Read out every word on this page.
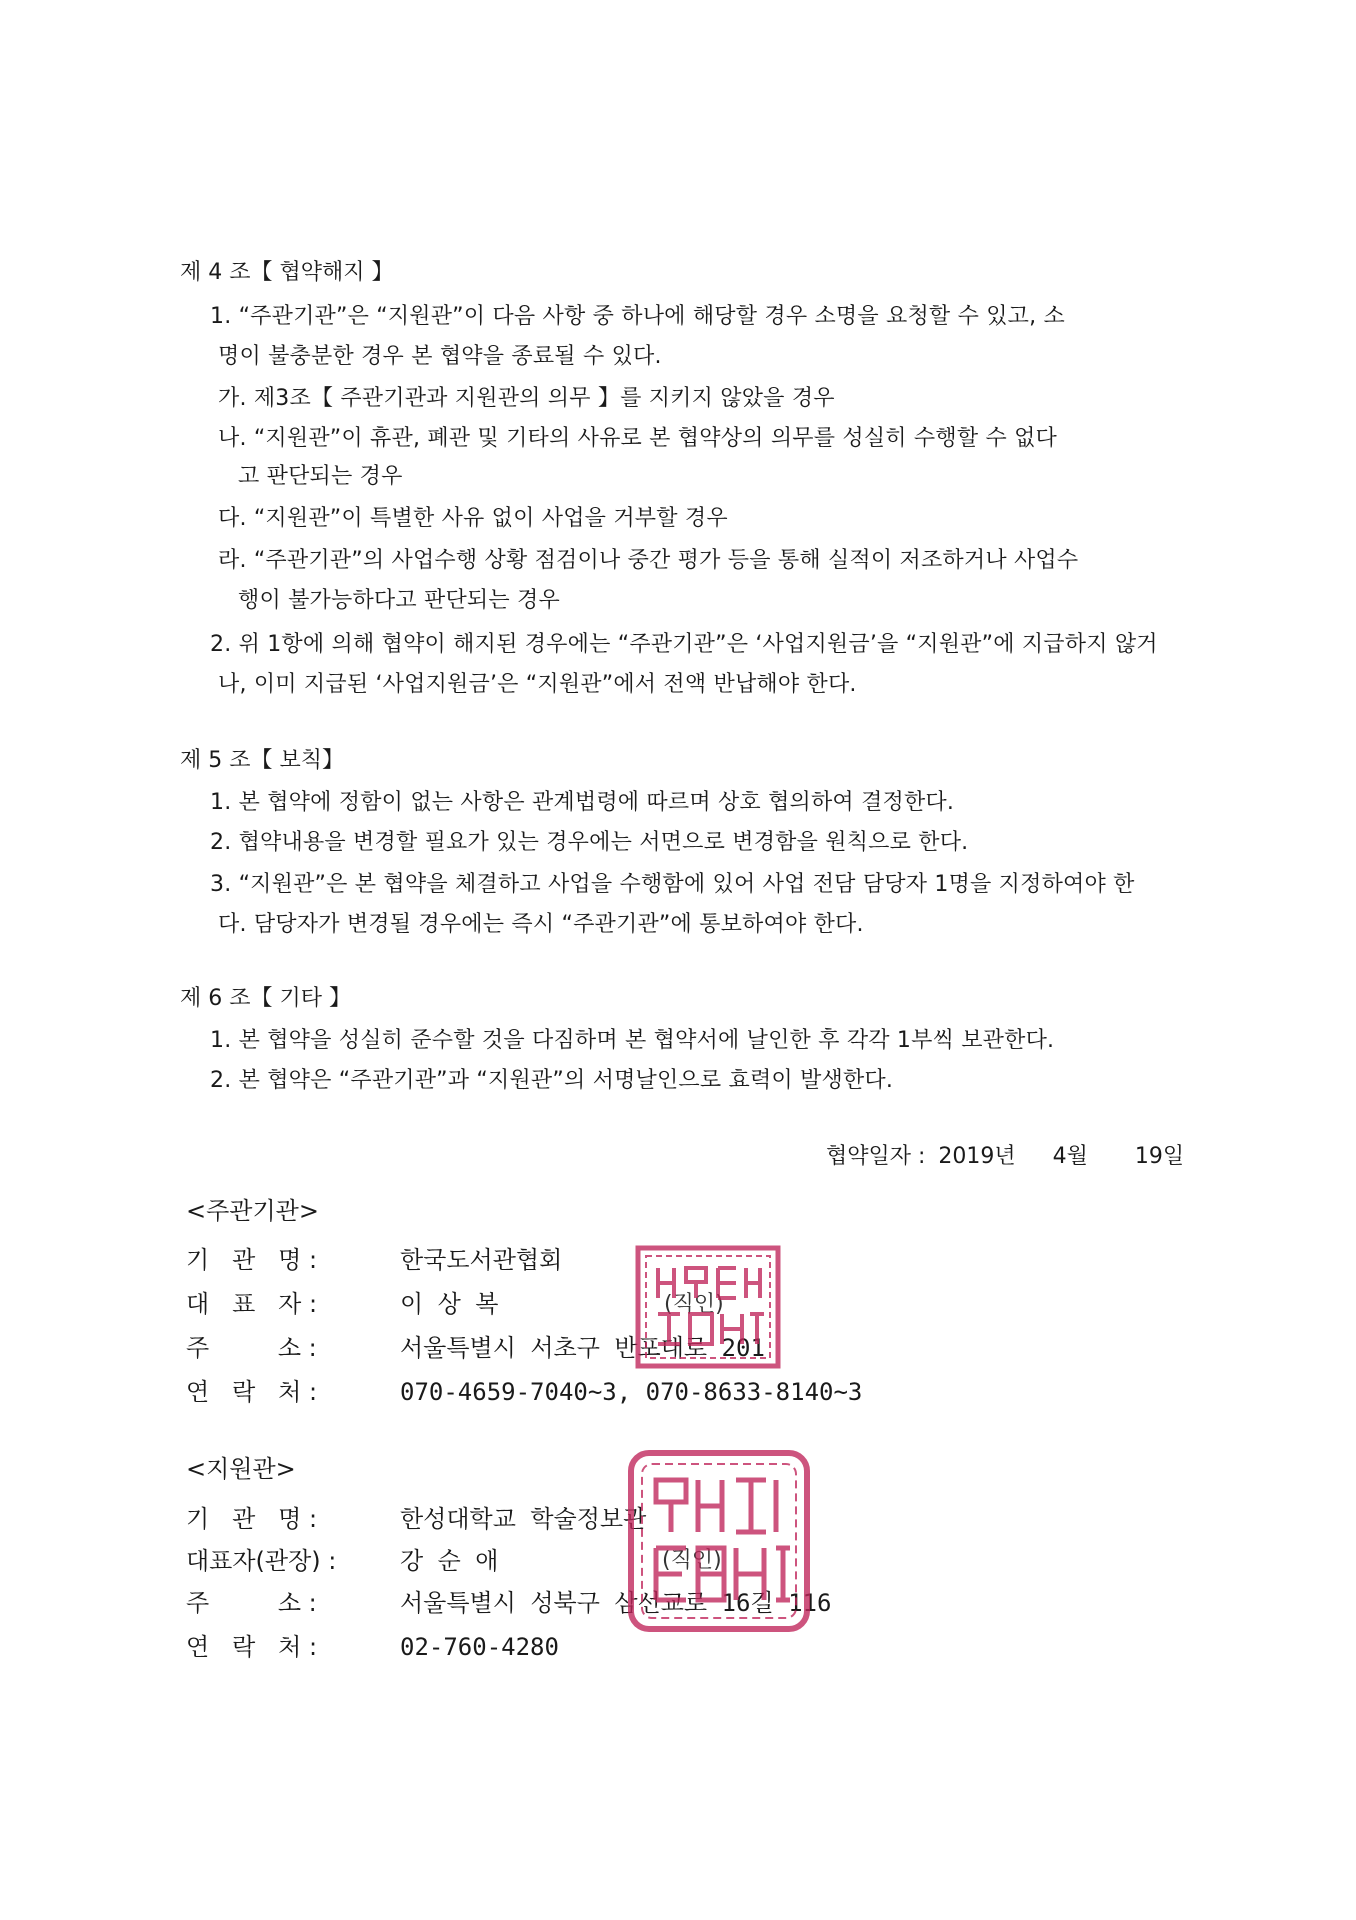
제 4 조【 협약해지 】
1. “주관기관”은 “지원관”이 다음 사항 중 하나에 해당할 경우 소명을 요청할 수 있고, 소
명이 불충분한 경우 본 협약을 종료될 수 있다.
가. 제3조【 주관기관과 지원관의 의무 】를 지키지 않았을 경우
나. “지원관”이 휴관, 폐관 및 기타의 사유로 본 협약상의 의무를 성실히 수행할 수 없다
고 판단되는 경우
다. “지원관”이 특별한 사유 없이 사업을 거부할 경우
라. “주관기관”의 사업수행 상황 점검이나 중간 평가 등을 통해 실적이 저조하거나 사업수
행이 불가능하다고 판단되는 경우
2. 위 1항에 의해 협약이 해지된 경우에는 “주관기관”은 ‘사업지원금’을 “지원관”에 지급하지 않거
나, 이미 지급된 ‘사업지원금’은 “지원관”에서 전액 반납해야 한다.
제 5 조【 보칙】
1. 본 협약에 정함이 없는 사항은 관계법령에 따르며 상호 협의하여 결정한다.
2. 협약내용을 변경할 필요가 있는 경우에는 서면으로 변경함을 원칙으로 한다.
3. “지원관”은 본 협약을 체결하고 사업을 수행함에 있어 사업 전담 담당자 1명을 지정하여야 한
다. 담당자가 변경될 경우에는 즉시 “주관기관”에 통보하여야 한다.
제 6 조【 기타 】
1. 본 협약을 성실히 준수할 것을 다짐하며 본 협약서에 날인한 후 각각 1부씩 보관한다.
2. 본 협약은 “주관기관”과 “지원관”의 서명날인으로 효력이 발생한다.
협약일자 : 2019년 4월 19일
<주관기관>
기   관   명 :	한국도서관협회
대   표   자 :	이 상 복
주         소 :	서울특별시 서초구 반포대로 201
연   락   처 :	070-4659-7040~3, 070-8633-8140~3
(직인)
<지원관>
기   관   명 :	한성대학교 학술정보관
대표자(관장) :	강 순 애
주         소 :	서울특별시 성북구 삼선교로 16길 116
연   락   처 :	02-760-4280
(직인)
